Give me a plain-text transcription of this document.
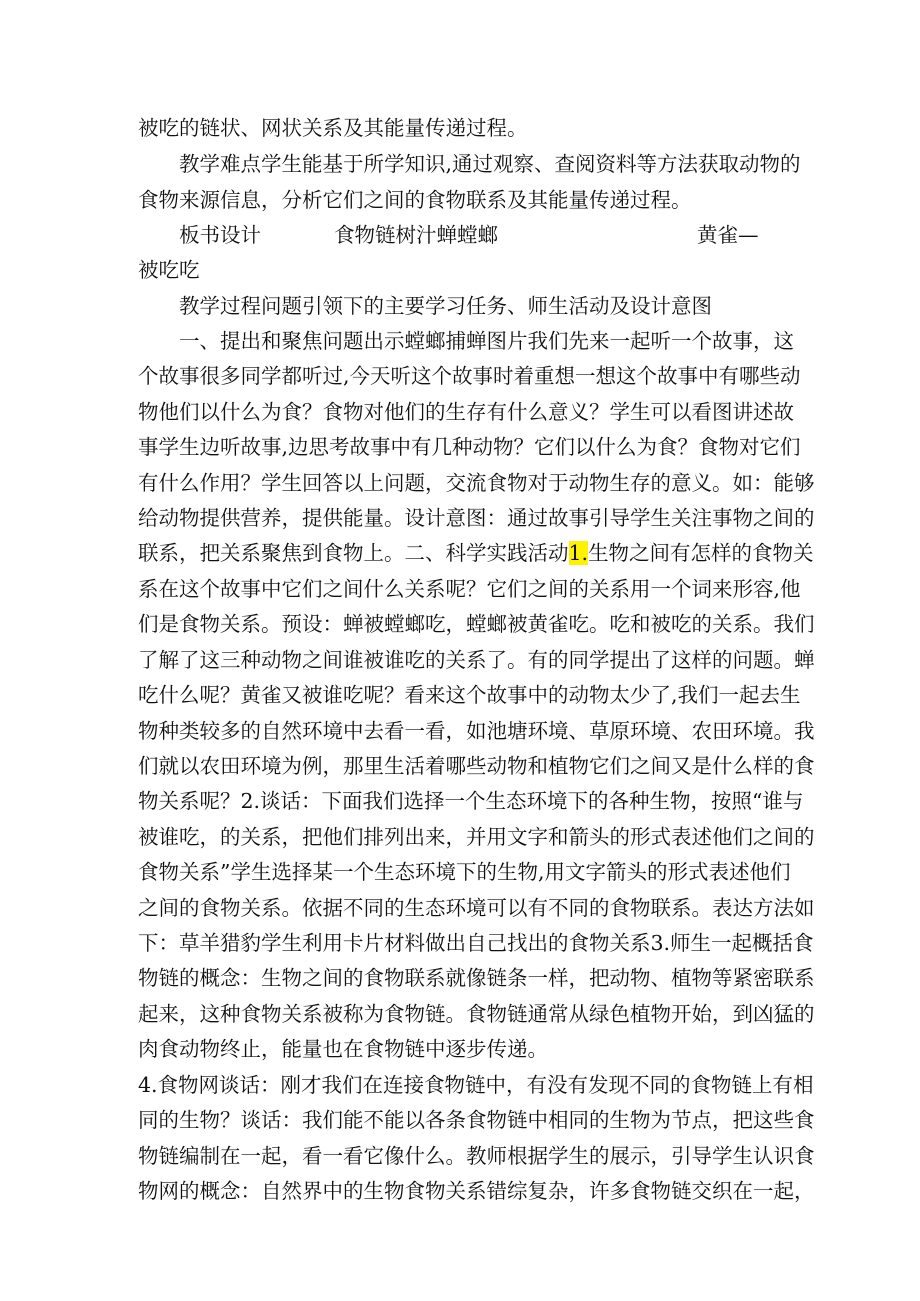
被吃的链状、网状关系及其能量传递过程。
教学难点学生能基于所学知识,通过观察、查阅资料等方法获取动物的
食物来源信息，分析它们之间的食物联系及其能量传递过程。
板书设计	食物链树汁蝉螳螂	黄雀—
被吃吃
教学过程问题引领下的主要学习任务、师生活动及设计意图
一、提出和聚焦问题出示螳螂捕蝉图片我们先来一起听一个故事，这
个故事很多同学都听过,今天听这个故事时着重想一想这个故事中有哪些动
物他们以什么为食？食物对他们的生存有什么意义？学生可以看图讲述故
事学生边听故事,边思考故事中有几种动物？它们以什么为食？食物对它们
有什么作用？学生回答以上问题，交流食物对于动物生存的意义。如：能够
给动物提供营养，提供能量。设计意图：通过故事引导学生关注事物之间的
联系，把关系聚焦到食物上。二、科学实践活动1.生物之间有怎样的食物关
系在这个故事中它们之间什么关系呢？它们之间的关系用一个词来形容,他
们是食物关系。预设：蝉被螳螂吃，螳螂被黄雀吃。吃和被吃的关系。我们
了解了这三种动物之间谁被谁吃的关系了。有的同学提出了这样的问题。蝉
吃什么呢？黄雀又被谁吃呢？看来这个故事中的动物太少了,我们一起去生
物种类较多的自然环境中去看一看，如池塘环境、草原环境、农田环境。我
们就以农田环境为例，那里生活着哪些动物和植物它们之间又是什么样的食
物关系呢？2.谈话：下面我们选择一个生态环境下的各种生物，按照“谁与
被谁吃，的关系，把他们排列出来，并用文字和箭头的形式表述他们之间的
食物关系”学生选择某一个生态环境下的生物,用文字箭头的形式表述他们
之间的食物关系。依据不同的生态环境可以有不同的食物联系。表达方法如
下：草羊猎豹学生利用卡片材料做出自己找出的食物关系3.师生一起概括食
物链的概念：生物之间的食物联系就像链条一样，把动物、植物等紧密联系
起来，这种食物关系被称为食物链。食物链通常从绿色植物开始，到凶猛的
肉食动物终止，能量也在食物链中逐步传递。
4.食物网谈话：刚才我们在连接食物链中，有没有发现不同的食物链上有相
同的生物？谈话：我们能不能以各条食物链中相同的生物为节点，把这些食
物链编制在一起，看一看它像什么。教师根据学生的展示，引导学生认识食
物网的概念：自然界中的生物食物关系错综复杂，许多食物链交织在一起，
